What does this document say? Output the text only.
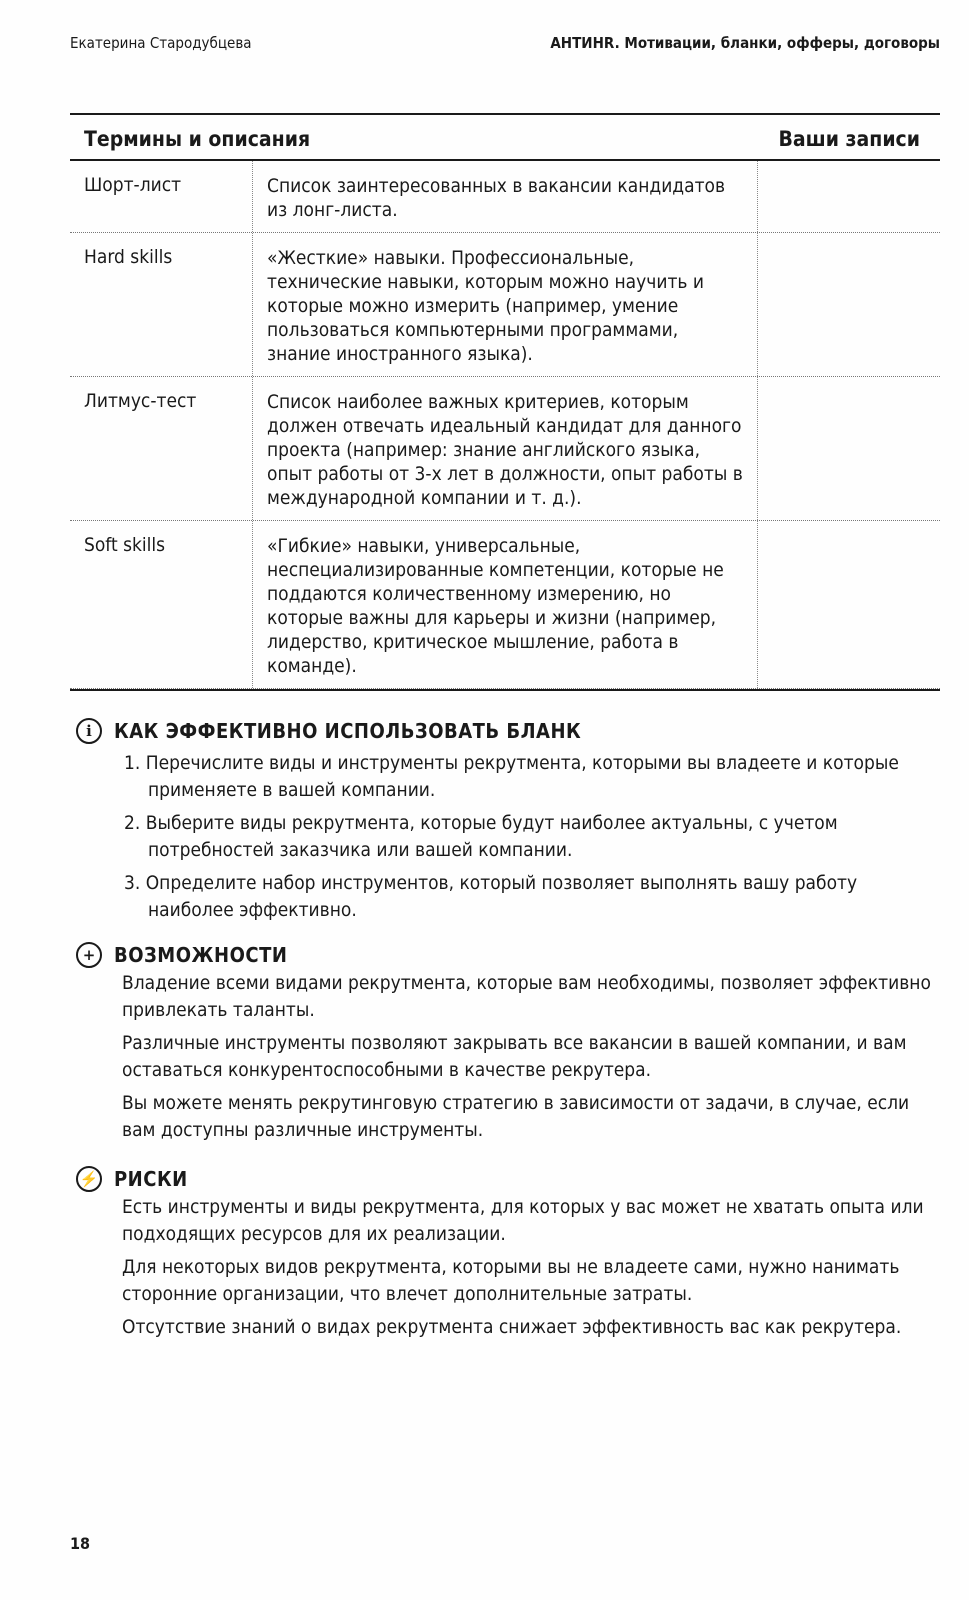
Екатерина Стародубцева	АНТИНR. Мотивации, бланки, офферы, договоры
Термины и описания	Ваши записи
Шорт-лист	Список заинтересованных в вакансии кандидатов из лонг-листа.
Hard skills	«Жесткие» навыки. Профессиональные, технические навыки, которым можно научить и которые можно измерить (например, умение пользоваться компьютерными программами, знание иностранного языка).
Литмус-тест	Список наиболее важных критериев, которым должен отвечать идеальный кандидат для данного проекта (например: знание английского языка, опыт работы от 3-х лет в должности, опыт работы в международной компании и т. д.).
Soft skills	«Гибкие» навыки, универсальные, неспециализированные компетенции, которые не поддаются количественному измерению, но которые важны для карьеры и жизни (например, лидерство, критическое мышление, работа в команде).
i	КАК ЭФФЕКТИВНО ИСПОЛЬЗОВАТЬ БЛАНК
1. Перечислите виды и инструменты рекрутмента, которыми вы владеете и которые применяете в вашей компании.
2. Выберите виды рекрутмента, которые будут наиболее актуальны, с учетом потребностей заказчика или вашей компании.
3. Определите набор инструментов, который позволяет выполнять вашу работу наиболее эффективно.
+ ВОЗМОЖНОСТИ

Владение всеми видами рекрутмента, которые вам необходимы, позволяет эффективно привлекать таланты.

Различные инструменты позволяют закрывать все вакансии в вашей компании, и вам оставаться конкурентоспособными в качестве рекрутера.

Вы можете менять рекрутинговую стратегию в зависимости от задачи, в случае, если вам доступны различные инструменты.

⚡ РИСКИ

Есть инструменты и виды рекрутмента, для которых у вас может не хватать опыта или подходящих ресурсов для их реализации.

Для некоторых видов рекрутмента, которыми вы не владеете сами, нужно нанимать сторонние организации, что влечет дополнительные затраты.

Отсутствие знаний о видах рекрутмента снижает эффективность вас как рекрутера.

18
